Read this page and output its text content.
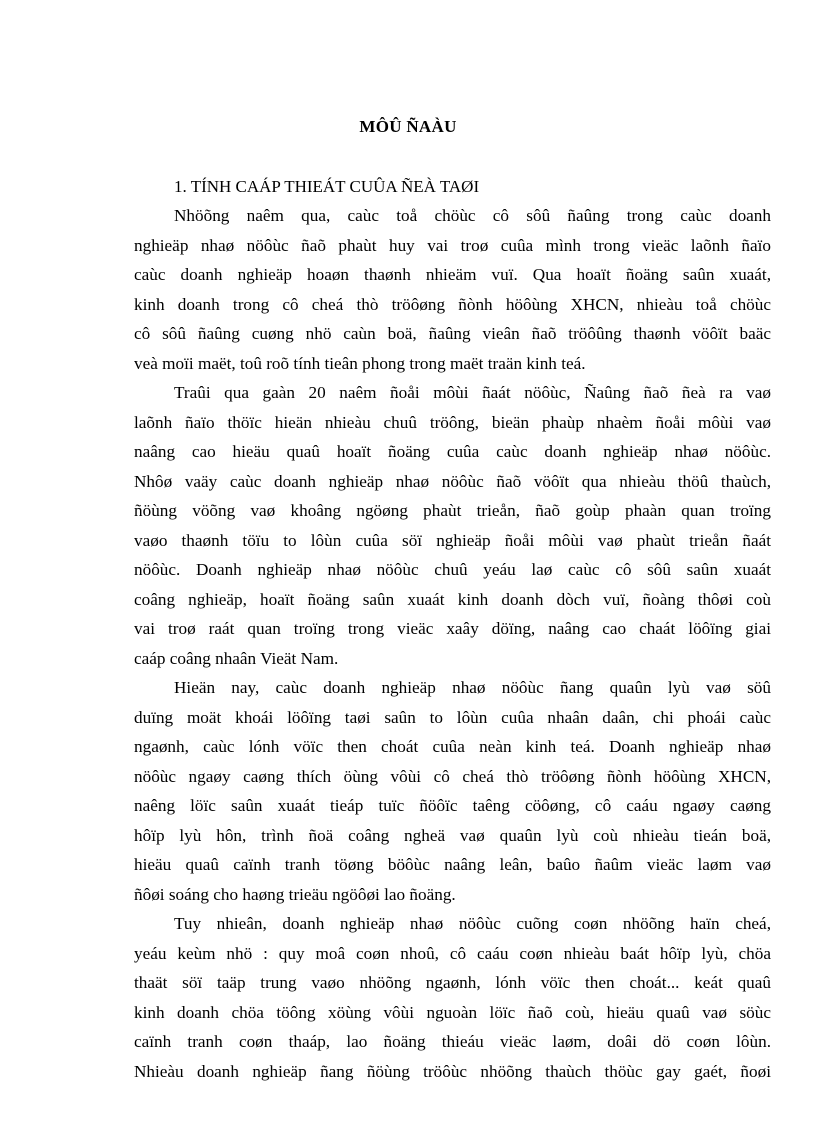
MÔÛ ÑAÀU
1. TÍNH CAÁP THIEÁT CUÛA ÑEÀ TAØI
Nhöõng naêm qua, caùc toå chöùc cô sôû ñaûng trong caùc doanh
nghieäp nhaø nöôùc ñaõ phaùt huy vai troø cuûa mình trong vieäc laõnh ñaïo
caùc doanh nghieäp hoaøn thaønh nhieäm vuï. Qua hoaït ñoäng saûn xuaát,
kinh doanh trong cô cheá thò tröôøng ñònh höôùng XHCN, nhieàu toå chöùc
cô sôû ñaûng cuøng nhö caùn boä, ñaûng vieân ñaõ tröôûng thaønh vöôït baäc
veà moïi maët, toû roõ tính tieân phong trong maët traän kinh teá.
Traûi qua gaàn 20 naêm ñoåi môùi ñaát nöôùc, Ñaûng ñaõ ñeà ra vaø
laõnh ñaïo thöïc hieän nhieàu chuû tröông, bieän phaùp nhaèm ñoåi môùi vaø
naâng cao hieäu quaû hoaït ñoäng cuûa caùc doanh nghieäp nhaø nöôùc.
Nhôø vaäy caùc doanh nghieäp nhaø nöôùc ñaõ vöôït qua nhieàu thöû thaùch,
ñöùng vöõng vaø khoâng ngöøng phaùt trieån, ñaõ goùp phaàn quan troïng
vaøo thaønh töïu to lôùn cuûa söï nghieäp ñoåi môùi vaø phaùt trieån ñaát
nöôùc. Doanh nghieäp nhaø nöôùc chuû yeáu laø caùc cô sôû saûn xuaát
coâng nghieäp, hoaït ñoäng saûn xuaát kinh doanh dòch vuï, ñoàng thôøi coù
vai troø raát quan troïng trong vieäc xaây döïng, naâng cao chaát löôïng giai
caáp coâng nhaân Vieät Nam.
Hieän nay, caùc doanh nghieäp nhaø nöôùc ñang quaûn lyù vaø söû
duïng moät khoái löôïng taøi saûn to lôùn cuûa nhaân daân, chi phoái caùc
ngaønh, caùc lónh vöïc then choát cuûa neàn kinh teá. Doanh nghieäp nhaø
nöôùc ngaøy caøng thích öùng vôùi cô cheá thò tröôøng ñònh höôùng XHCN,
naêng löïc saûn xuaát tieáp tuïc ñöôïc taêng cöôøng, cô caáu ngaøy caøng
hôïp lyù hôn, trình ñoä coâng ngheä vaø quaûn lyù coù nhieàu tieán boä,
hieäu quaû caïnh tranh töøng böôùc naâng leân, baûo ñaûm vieäc laøm vaø
ñôøi soáng cho haøng trieäu ngöôøi lao ñoäng.
Tuy nhieân, doanh nghieäp nhaø nöôùc cuõng coøn nhöõng haïn cheá,
yeáu keùm nhö : quy moâ coøn nhoû, cô caáu coøn nhieàu baát hôïp lyù, chöa
thaät söï taäp trung vaøo nhöõng ngaønh, lónh vöïc then choát... keát quaû
kinh doanh chöa töông xöùng vôùi nguoàn löïc ñaõ coù, hieäu quaû vaø söùc
caïnh tranh coøn thaáp, lao ñoäng thieáu vieäc laøm, doâi dö coøn lôùn.
Nhieàu doanh nghieäp ñang ñöùng tröôùc nhöõng thaùch thöùc gay gaét, ñoøi
